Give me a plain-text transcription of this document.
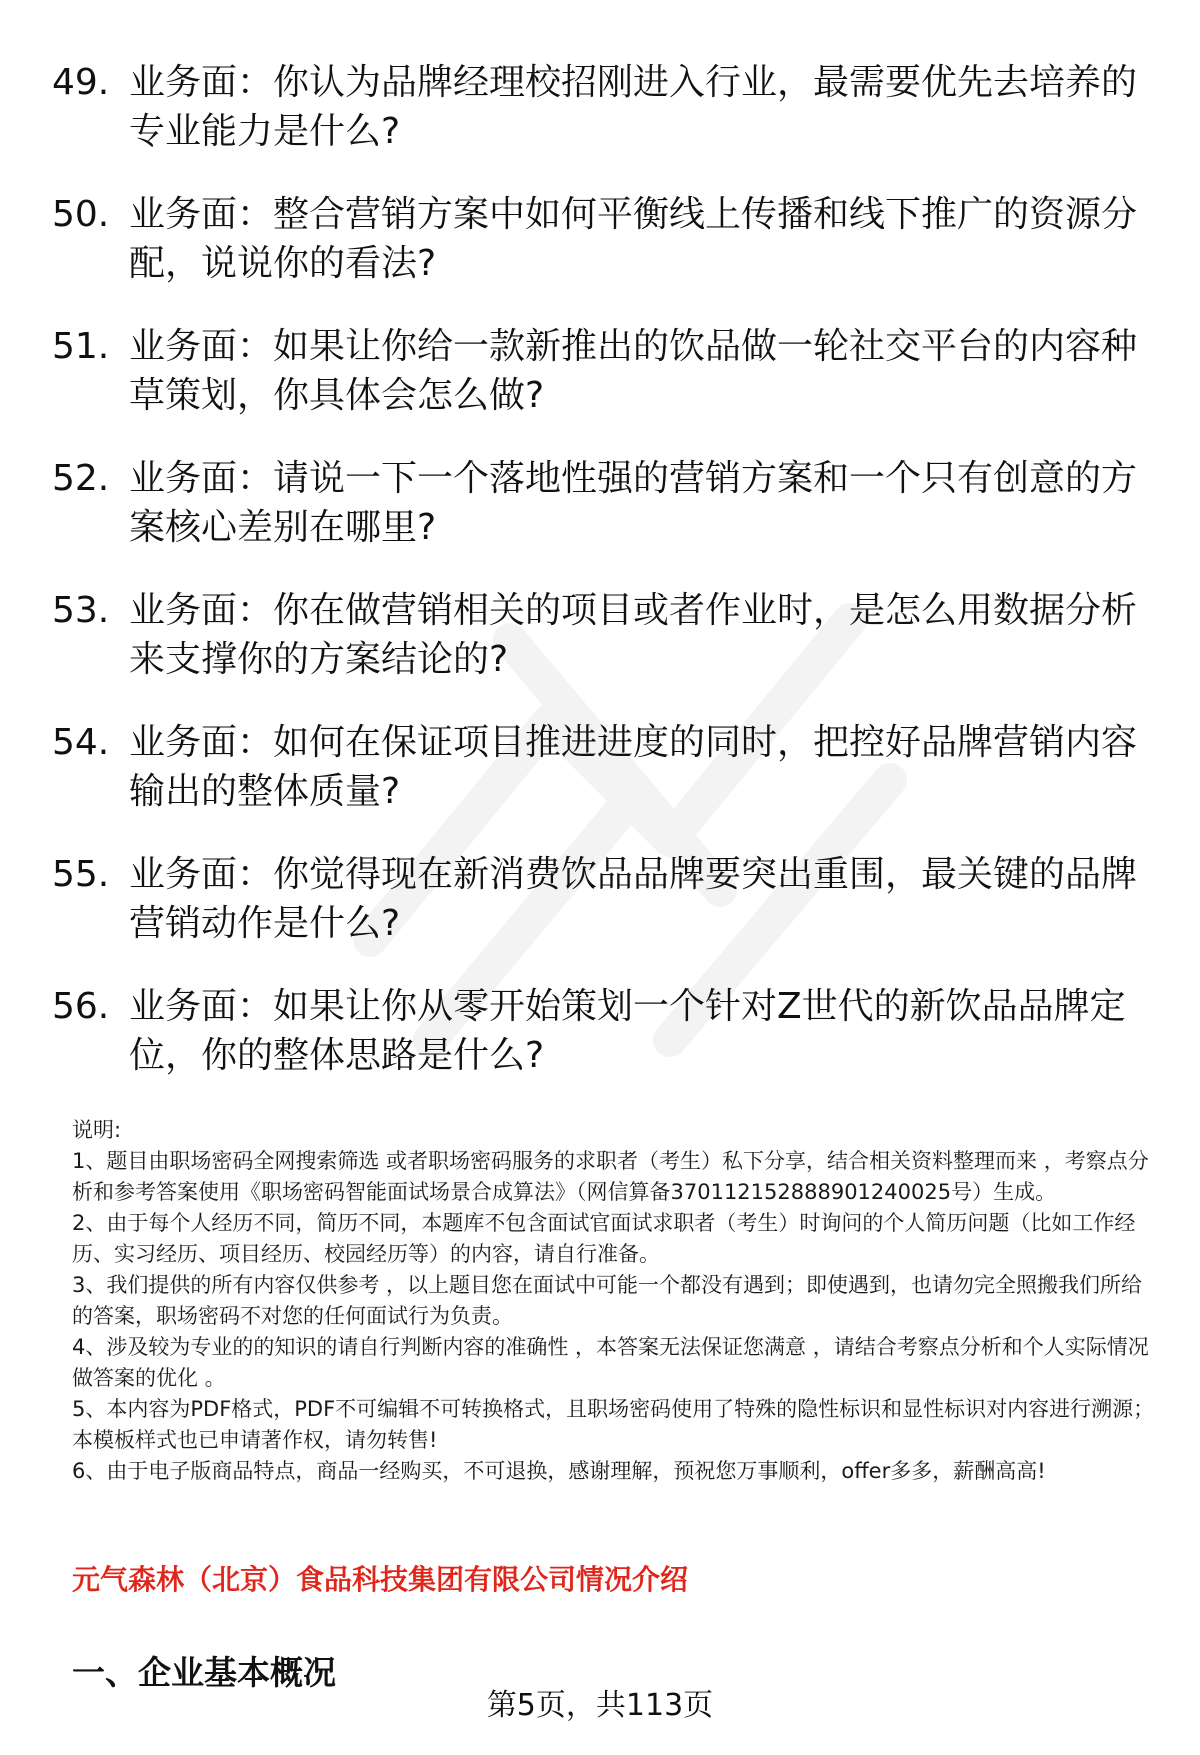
49. 业务面：你认为品牌经理校招刚进入行业，最需要优先去培养的专业能力是什么?
50. 业务面：整合营销方案中如何平衡线上传播和线下推广的资源分配，说说你的看法?
51. 业务面：如果让你给一款新推出的饮品做一轮社交平台的内容种草策划，你具体会怎么做?
52. 业务面：请说一下一个落地性强的营销方案和一个只有创意的方案核心差别在哪里?
53. 业务面：你在做营销相关的项目或者作业时，是怎么用数据分析来支撑你的方案结论的?
54. 业务面：如何在保证项目推进进度的同时，把控好品牌营销内容输出的整体质量?
55. 业务面：你觉得现在新消费饮品品牌要突出重围，最关键的品牌营销动作是什么?
56. 业务面：如果让你从零开始策划一个针对Z世代的新饮品品牌定位，你的整体思路是什么?

说明:

1、题目由职场密码全网搜索筛选 或者职场密码服务的求职者（考生）私下分享，结合相关资料整理而来 ，考察点分析和参考答案使用《职场密码智能面试场景合成算法》（网信算备370112152888901240025号）生成。

2、由于每个人经历不同，简历不同，本题库不包含面试官面试求职者（考生）时询问的个人简历问题（比如工作经历、实习经历、项目经历、校园经历等）的内容，请自行准备。

3、我们提供的所有内容仅供参考 ，以上题目您在面试中可能一个都没有遇到；即使遇到，也请勿完全照搬我们所给的答案，职场密码不对您的任何面试行为负责。

4、涉及较为专业的的知识的请自行判断内容的准确性 ，本答案无法保证您满意 ，请结合考察点分析和个人实际情况做答案的优化 。

5、本内容为PDF格式，PDF不可编辑不可转换格式，且职场密码使用了特殊的隐性标识和显性标识对内容进行溯源；本模板样式也已申请著作权，请勿转售!

6、由于电子版商品特点，商品一经购买，不可退换，感谢理解，预祝您万事顺利，offer多多，薪酬高高!

元气森林（北京）食品科技集团有限公司情况介绍
一、企业基本概况
第5页，共113页
